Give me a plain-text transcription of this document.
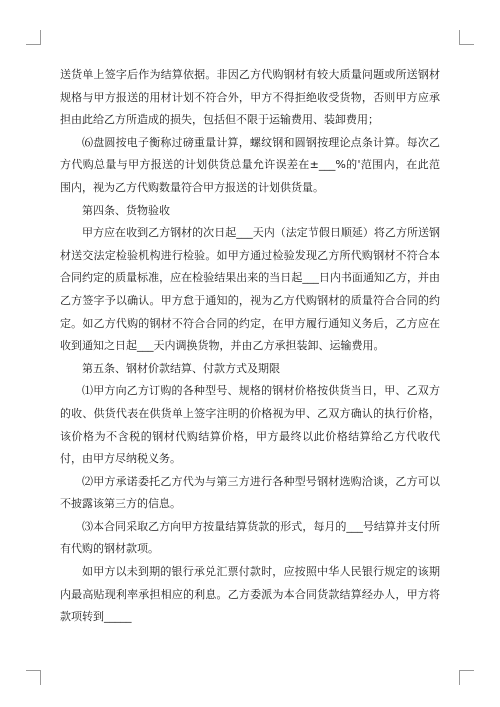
送货单上签字后作为结算依据。非因乙方代购钢材有较大质量问题或所送钢材规格与甲方报送的用材计划不符合外，甲方不得拒绝收受货物，否则甲方应承担由此给乙方所造成的损失，包括但不限于运输费用、装卸费用；

⑹盘圆按电子衡称过磅重量计算，螺纹钢和圆钢按理论点条计算。每次乙方代购总量与甲方报送的计划供货总量允许误差在±___%的'范围内，在此范围内，视为乙方代购数量符合甲方报送的计划供货量。

第四条、货物验收

甲方应在收到乙方钢材的次日起___天内（法定节假日顺延）将乙方所送钢材送交法定检验机构进行检验。如甲方通过检验发现乙方所代购钢材不符合本合同约定的质量标准，应在检验结果出来的当日起___日内书面通知乙方，并由乙方签字予以确认。甲方怠于通知的，视为乙方代购钢材的质量符合合同的约定。如乙方代购的钢材不符合合同的约定，在甲方履行通知义务后，乙方应在收到通知之日起___天内调换货物，并由乙方承担装卸、运输费用。

第五条、钢材价款结算、付款方式及期限

⑴甲方向乙方订购的各种型号、规格的钢材价格按供货当日，甲、乙双方的收、供货代表在供货单上签字注明的价格视为甲、乙双方确认的执行价格，该价格为不含税的钢材代购结算价格，甲方最终以此价格结算给乙方代收代付，由甲方尽纳税义务。

⑵甲方承诺委托乙方代为与第三方进行各种型号钢材选购洽谈，乙方可以不披露该第三方的信息。

⑶本合同采取乙方向甲方按量结算货款的形式，每月的___号结算并支付所有代购的钢材款项。

如甲方以未到期的银行承兑汇票付款时，应按照中华人民银行规定的该期内最高贴现利率承担相应的利息。乙方委派为本合同货款结算经办人，甲方将款项转到_____
